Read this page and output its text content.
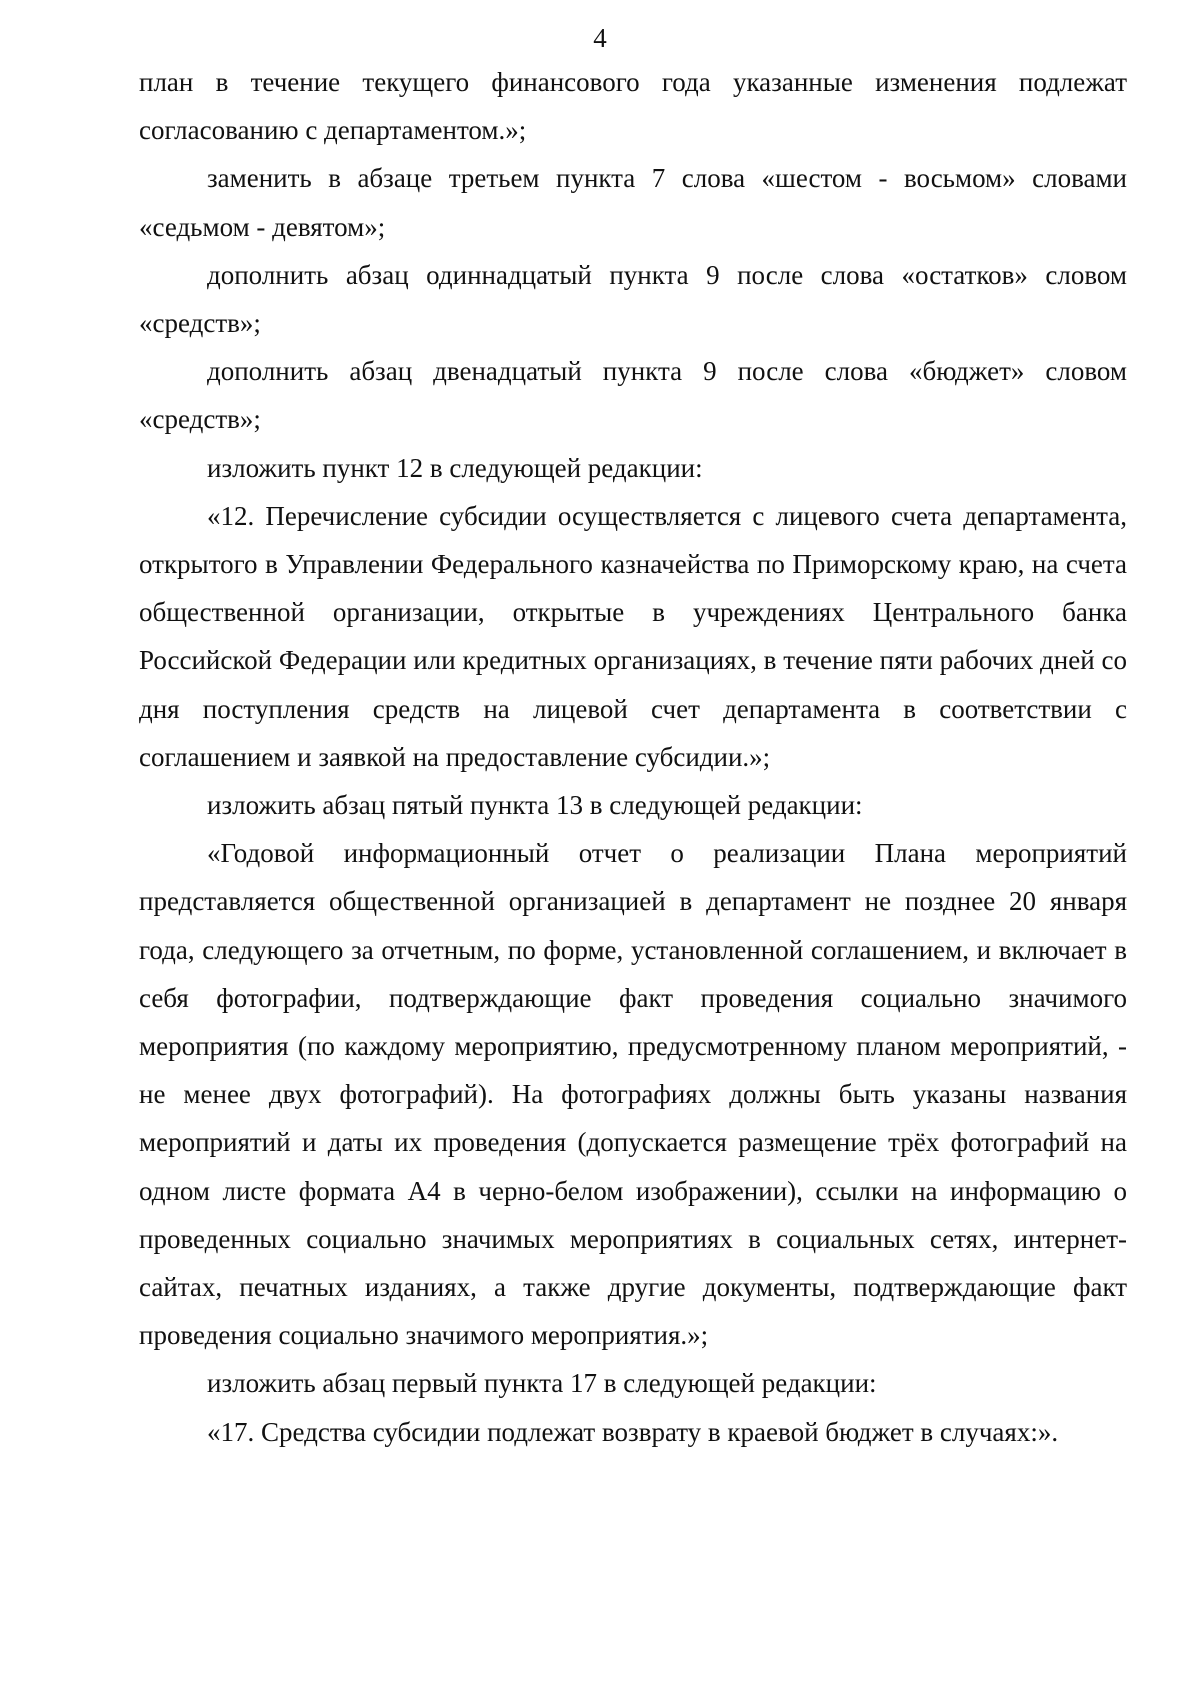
4

план в течение текущего финансового года указанные изменения подлежат согласованию с департаментом.»;

заменить в абзаце третьем пункта 7 слова «шестом - восьмом» словами «седьмом - девятом»;

дополнить абзац одиннадцатый пункта 9 после слова «остатков» словом «средств»;

дополнить абзац двенадцатый пункта 9 после слова «бюджет» словом «средств»;

изложить пункт 12 в следующей редакции:

«12. Перечисление субсидии осуществляется с лицевого счета департамента, открытого в Управлении Федерального казначейства по Приморскому краю, на счета общественной организации, открытые в учреждениях Центрального банка Российской Федерации или кредитных организациях, в течение пяти рабочих дней со дня поступления средств на лицевой счет департамента в соответствии с соглашением и заявкой на предоставление субсидии.»;

изложить абзац пятый пункта 13 в следующей редакции:

«Годовой информационный отчет о реализации Плана мероприятий представляется общественной организацией в департамент не позднее 20 января года, следующего за отчетным, по форме, установленной соглашением, и включает в себя фотографии, подтверждающие факт проведения социально значимого мероприятия (по каждому мероприятию, предусмотренному планом мероприятий, - не менее двух фотографий). На фотографиях должны быть указаны названия мероприятий и даты их проведения (допускается размещение трёх фотографий на одном листе формата А4 в черно-белом изображении), ссылки на информацию о проведенных социально значимых мероприятиях в социальных сетях, интернет-сайтах, печатных изданиях, а также другие документы, подтверждающие факт проведения социально значимого мероприятия.»;

изложить абзац первый пункта 17 в следующей редакции:

«17. Средства субсидии подлежат возврату в краевой бюджет в случаях:».
